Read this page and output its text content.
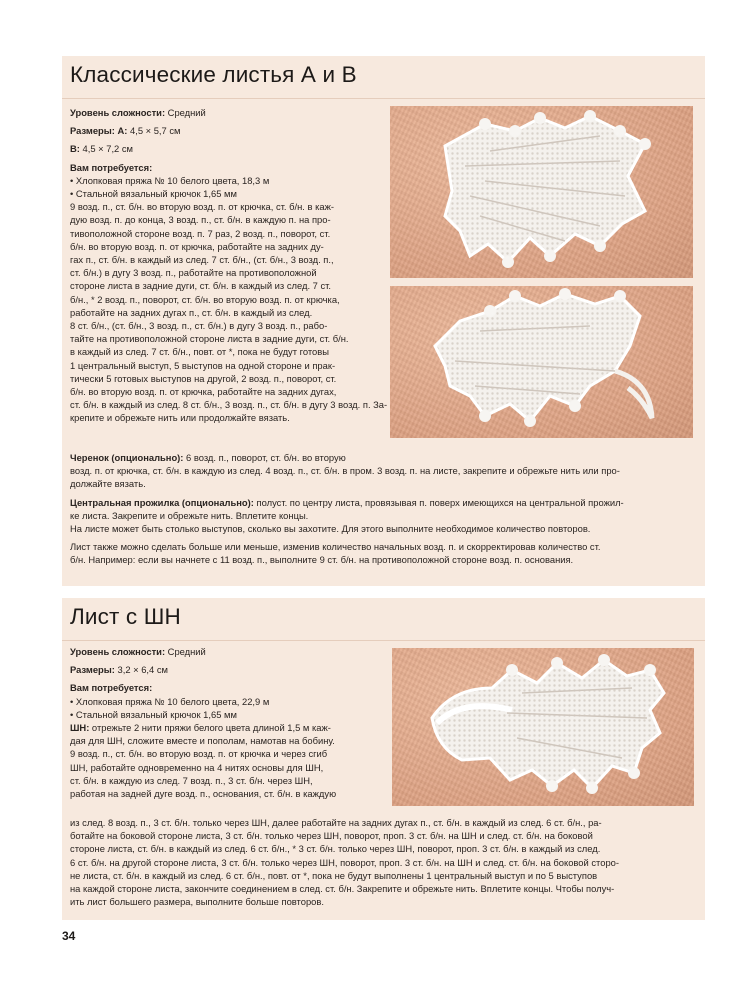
Классические листья А и В
Уровень сложности: Средний
Размеры: А: 4,5 × 5,7 см
В: 4,5 × 7,2 см
Вам потребуется:
• Хлопковая пряжа № 10 белого цвета, 18,3 м
• Стальной вязальный крючок 1,65 мм
9 возд. п., ст. б/н. во вторую возд. п. от крючка, ст. б/н. в каж-
дую возд. п. до конца, 3 возд. п., ст. б/н. в каждую п. на про-
тивоположной стороне возд. п. 7 раз, 2 возд. п., поворот, ст.
б/н. во вторую возд. п. от крючка, работайте на задних ду-
гах п., ст. б/н. в каждый из след. 7 ст. б/н., (ст. б/н., 3 возд. п.,
ст. б/н.) в дугу 3 возд. п., работайте на противоположной
стороне листа в задние дуги, ст. б/н. в каждый из след. 7 ст.
б/н., * 2 возд. п., поворот, ст. б/н. во вторую возд. п. от крючка,
работайте на задних дугах п., ст. б/н. в каждый из след.
8 ст. б/н., (ст. б/н., 3 возд. п., ст. б/н.) в дугу 3 возд. п., рабо-
тайте на противоположной стороне листа в задние дуги, ст. б/н.
в каждый из след. 7 ст. б/н., повт. от *, пока не будут готовы
1 центральный выступ, 5 выступов на одной стороне и прак-
тически 5 готовых выступов на другой, 2 возд. п., поворот, ст.
б/н. во вторую возд. п. от крючка, работайте на задних дугах,
ст. б/н. в каждый из след. 8 ст. б/н., 3 возд. п., ст. б/н. в дугу 3 возд. п. За-
крепите и обрежьте нить или продолжайте вязать.
Черенок (опционально): 6 возд. п., поворот, ст. б/н. во вторую
возд. п. от крючка, ст. б/н. в каждую из след. 4 возд. п., ст. б/н. в пром. 3 возд. п. на листе, закрепите и обрежьте нить или про-
должайте вязать.
Центральная прожилка (опционально): полуст. по центру листа, провязывая п. поверх имеющихся на центральной прожил-
ке листа. Закрепите и обрежьте нить. Вплетите концы.
На листе может быть столько выступов, сколько вы захотите. Для этого выполните необходимое количество повторов.
Лист также можно сделать больше или меньше, изменив количество начальных возд. п. и скорректировав количество ст.
б/н. Например: если вы начнете с 11 возд. п., выполните 9 ст. б/н. на противоположной стороне возд. п. основания.
Лист с ШН
Уровень сложности: Средний
Размеры: 3,2 × 6,4 см
Вам потребуется:
• Хлопковая пряжа № 10 белого цвета, 22,9 м
• Стальной вязальный крючок 1,65 мм
ШН: отрежьте 2 нити пряжи белого цвета длиной 1,5 м каж-
дая для ШН, сложите вместе и пополам, намотав на бобину.
9 возд. п., ст. б/н. во вторую возд. п. от крючка и через сгиб
ШН, работайте одновременно на 4 нитях основы для ШН,
ст. б/н. в каждую из след. 7 возд. п., 3 ст. б/н. через ШН,
работая на задней дуге возд. п., основания, ст. б/н. в каждую
из след. 8 возд. п., 3 ст. б/н. только через ШН, далее работайте на задних дугах п., ст. б/н. в каждый из след. 6 ст. б/н., ра-
ботайте на боковой стороне листа, 3 ст. б/н. только через ШН, поворот, проп. 3 ст. б/н. на ШН и след. ст. б/н. на боковой
стороне листа, ст. б/н. в каждый из след. 6 ст. б/н., * 3 ст. б/н. только через ШН, поворот, проп. 3 ст. б/н. в каждый из след.
6 ст. б/н. на другой стороне листа, 3 ст. б/н. только через ШН, поворот, проп. 3 ст. б/н. на ШН и след. ст. б/н. на боковой сторо-
не листа, ст. б/н. в каждый из след. 6 ст. б/н., повт. от *, пока не будут выполнены 1 центральный выступ и по 5 выступов
на каждой стороне листа, закончите соединением в след. ст. б/н. Закрепите и обрежьте нить. Вплетите концы. Чтобы получ-
ить лист большего размера, выполните больше повторов.
34
